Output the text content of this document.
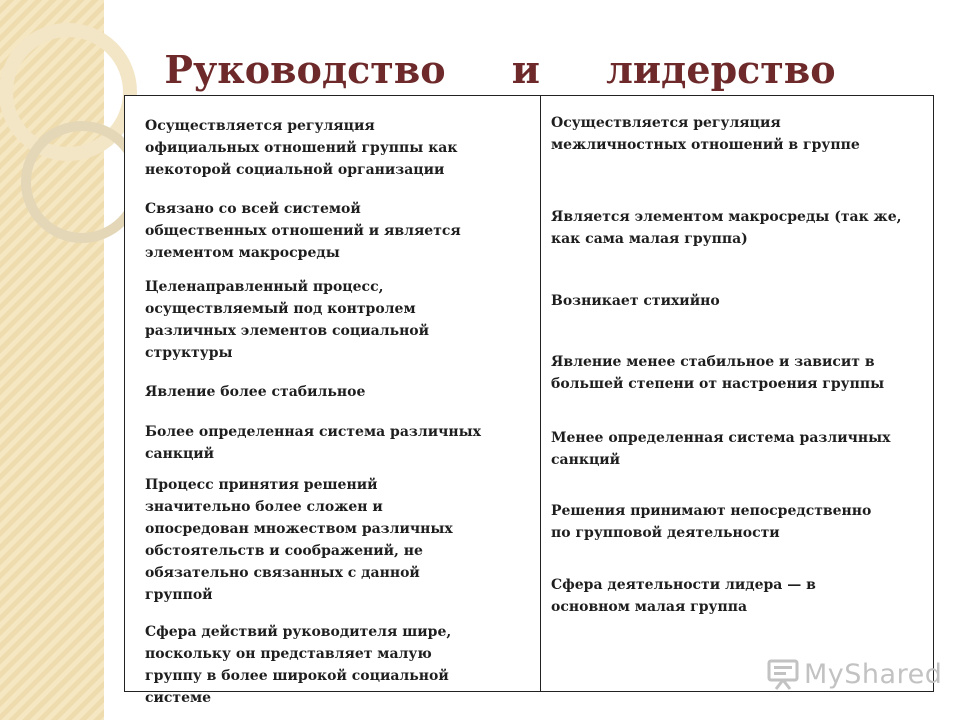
Руководство     и     лидерство

Осуществляется регуляция
официальных отношений группы как
некоторой социальной организации

Связано со всей системой
общественных отношений и является
элементом макросреды

Целенаправленный процесс,
осуществляемый под контролем
различных элементов социальной
структуры

Явление более стабильное

Более определенная система различных
санкций

Процесс принятия решений
значительно более сложен и
опосредован множеством различных
обстоятельств и соображений, не
обязательно связанных с данной
группой

Сфера действий руководителя шире,
поскольку он представляет малую
группу в более широкой социальной
системе

Осуществляется регуляция
межличностных отношений в группе

Является элементом макросреды (так же,
как сама малая группа)

Возникает стихийно

Явление менее стабильное и зависит в
большей степени от настроения группы

Менее определенная система различных
санкций

Решения принимают непосредственно
по групповой деятельности

Сфера деятельности лидера — в
основном малая группа

MyShared
